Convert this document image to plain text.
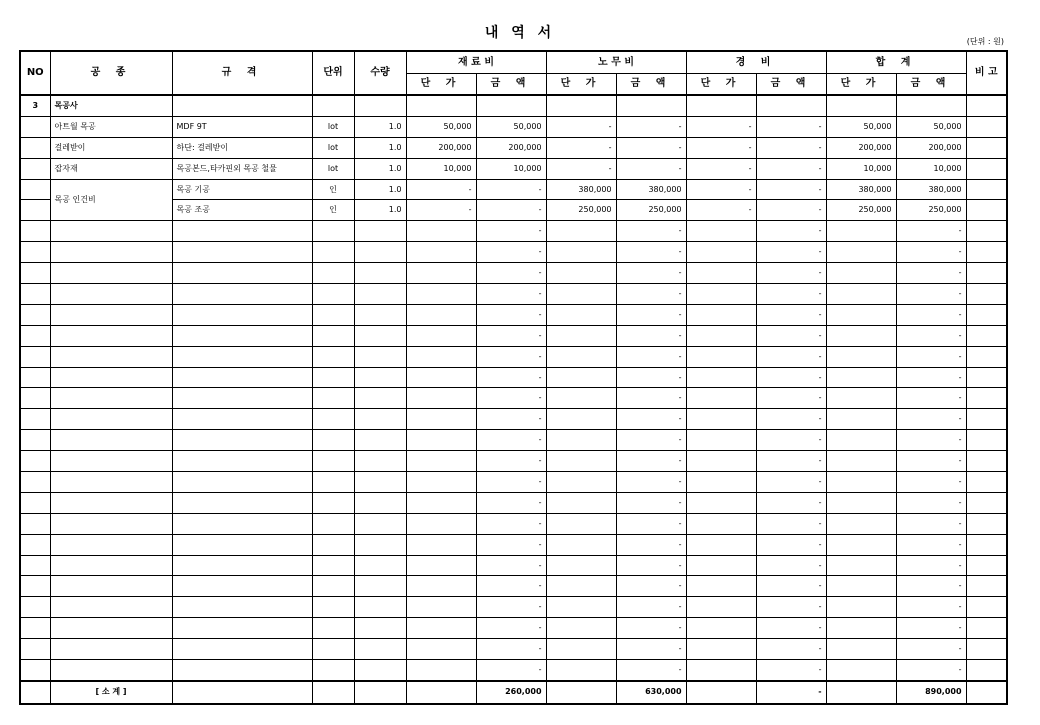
내 역 서
(단위 : 원)
NO	공 종	규 격	단위	수량	재 료 비		노 무 비		경 비		합 계		비 고
					단 가	금 액	단 가	금 액	단 가	금 액	단 가	금 액	
3	목공사												
	아트월 목공	MDF 9T	lot	1.0	50,000	50,000	-	-	-	-	50,000	50,000	
	걸레받이	하단: 걸레받이	lot	1.0	200,000	200,000	-	-	-	-	200,000	200,000	
	잡자재	목공본드,타카핀외 목공 철물	lot	1.0	10,000	10,000	-	-	-	-	10,000	10,000	
	목공 인건비	목공 기공	인	1.0	-	-	380,000	380,000	-	-	380,000	380,000	
		목공 조공	인	1.0	-	-	250,000	250,000	-	-	250,000	250,000	
						-		-		-		-	
						-		-		-		-	
						-		-		-		-	
						-		-		-		-	
						-		-		-		-	
						-		-		-		-	
						-		-		-		-	
						-		-		-		-	
						-		-		-		-	
						-		-		-		-	
						-		-		-		-	
						-		-		-		-	
						-		-		-		-	
						-		-		-		-	
						-		-		-		-	
						-		-		-		-	
						-		-		-		-	
						-		-		-		-	
						-		-		-		-	
						-		-		-		-	
						-		-		-		-	
						-		-		-		-	
	[ 소 계 ]					260,000		630,000		-		890,000	
